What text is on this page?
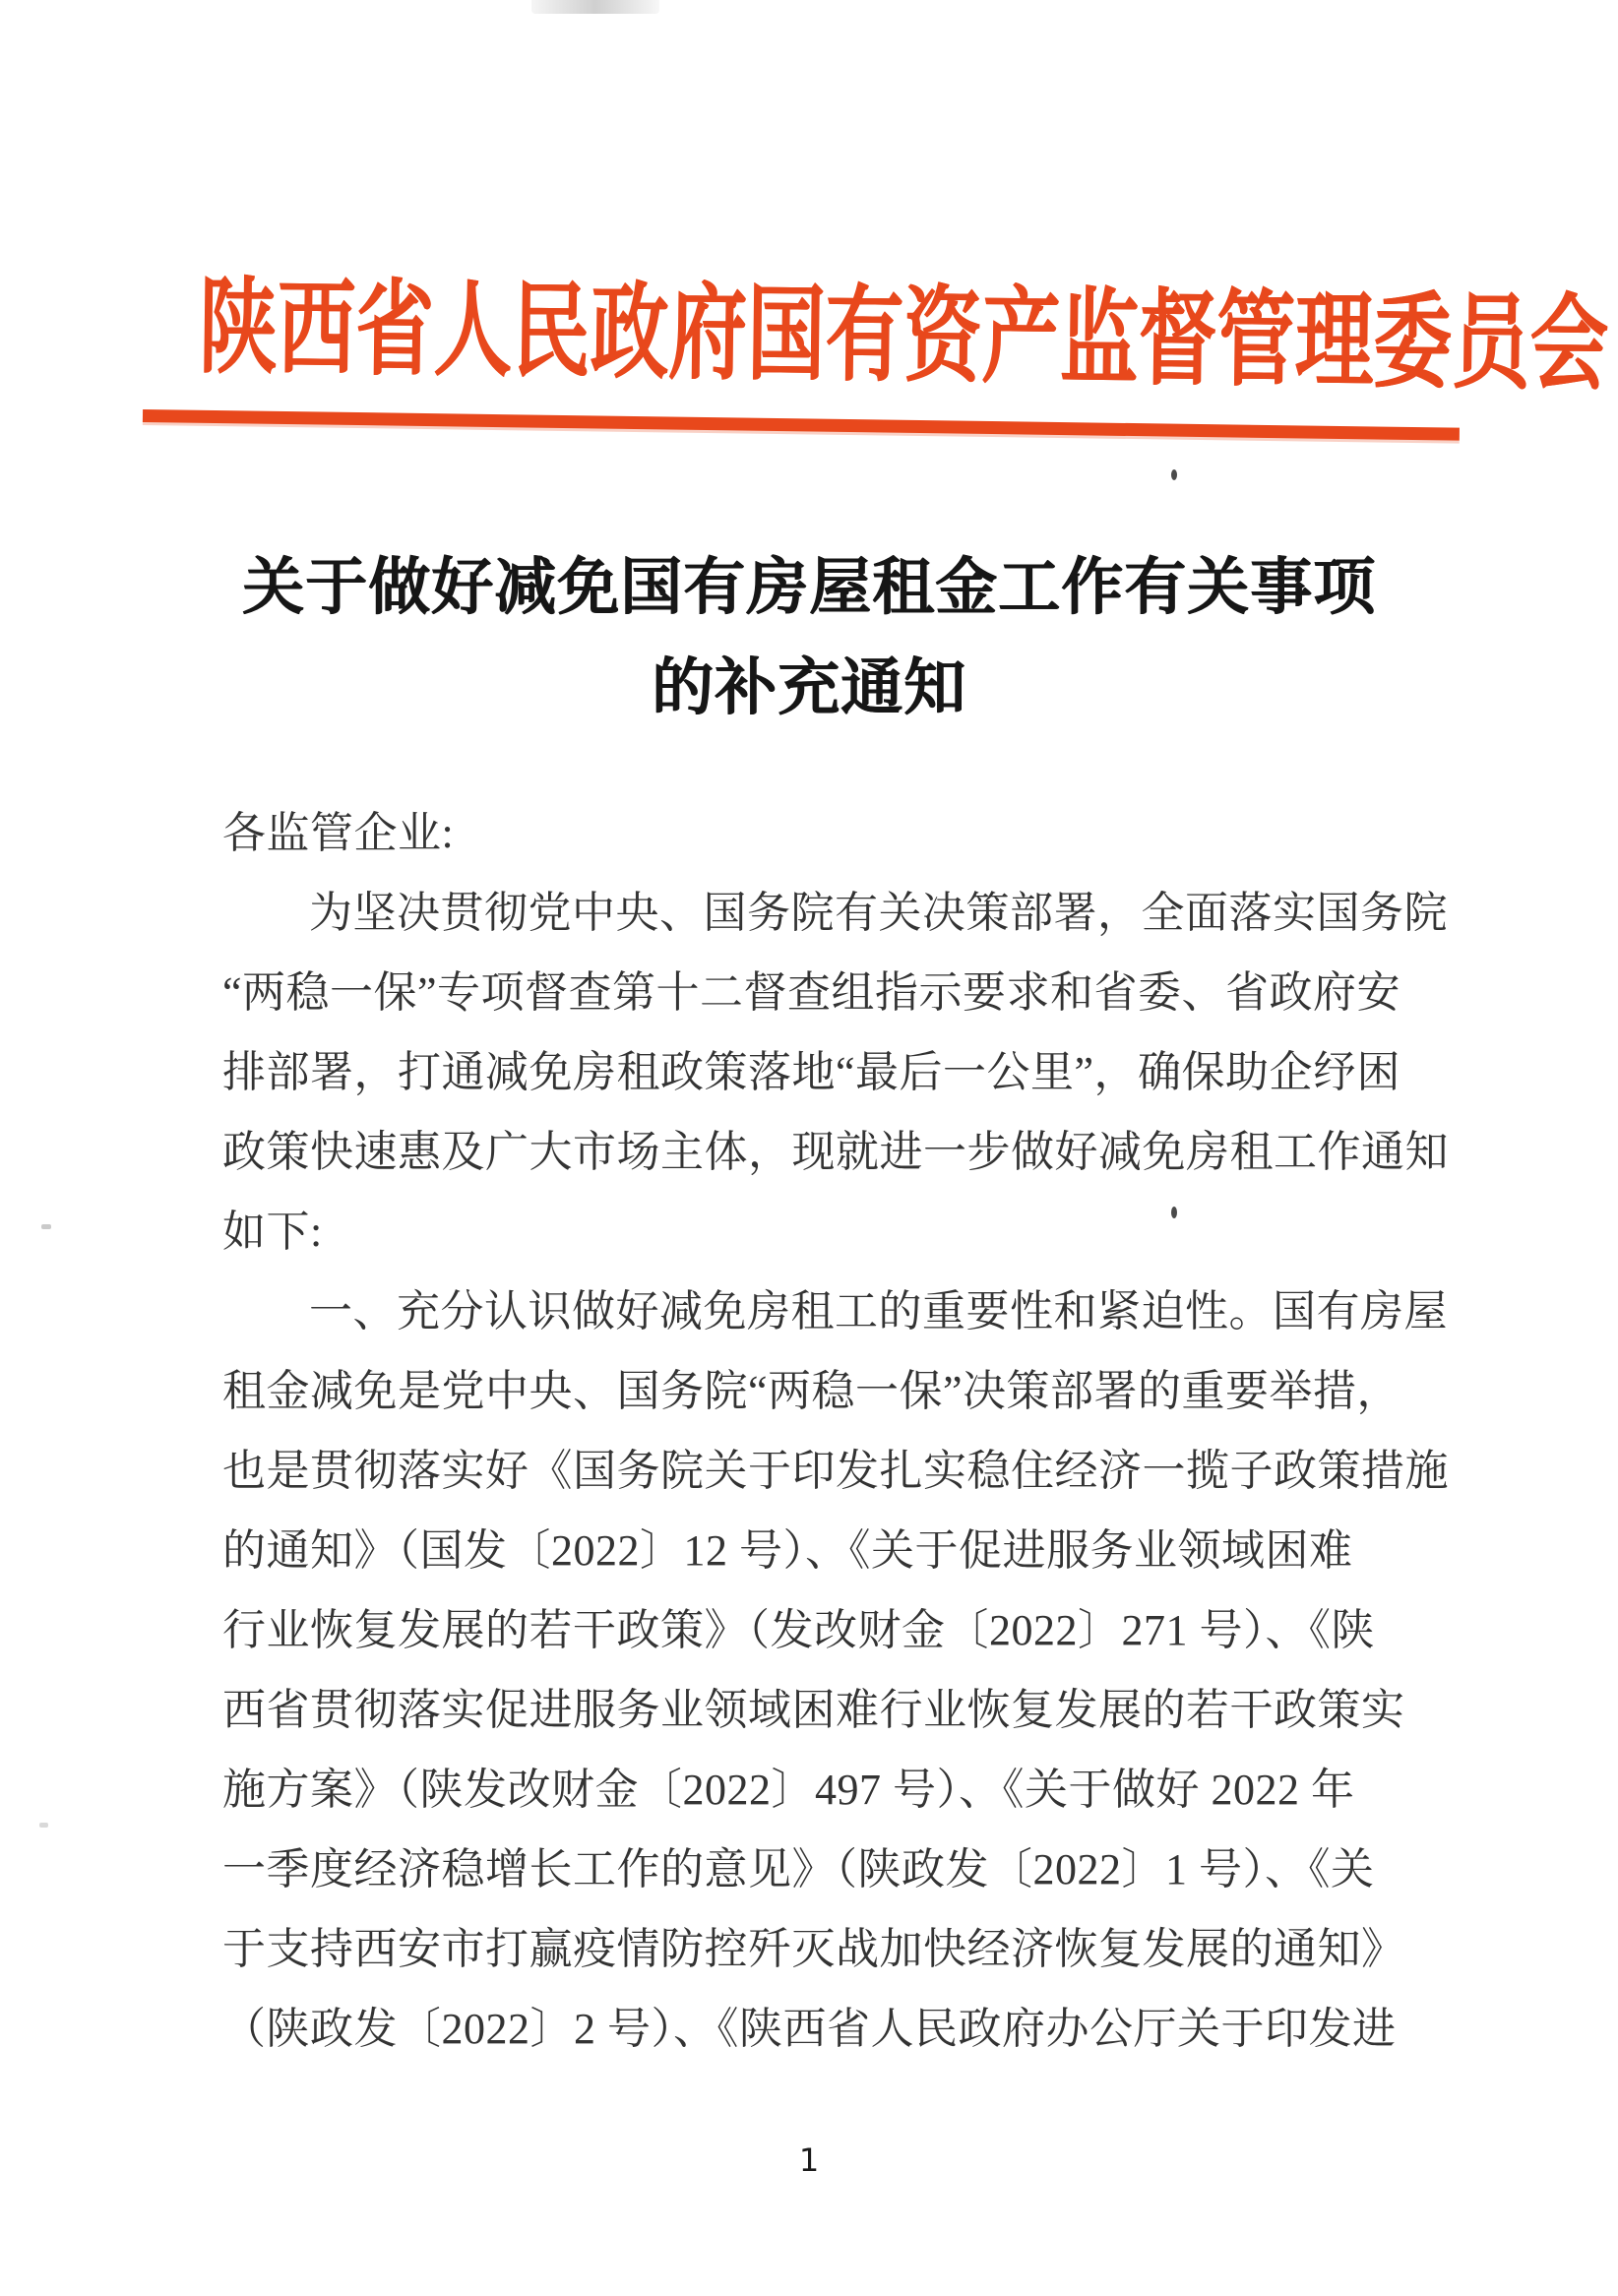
陕西省人民政府国有资产监督管理委员会
关于做好减免国有房屋租金工作有关事项
的补充通知
各监管企业:
为坚决贯彻党中央、国务院有关决策部署，全面落实国务院
“两稳一保”专项督查第十二督查组指示要求和省委、省政府安
排部署，打通减免房租政策落地“最后一公里”，确保助企纾困
政策快速惠及广大市场主体，现就进一步做好减免房租工作通知
如下:
一、充分认识做好减免房租工的重要性和紧迫性。国有房屋
租金减免是党中央、国务院“两稳一保”决策部署的重要举措，
也是贯彻落实好《国务院关于印发扎实稳住经济一揽子政策措施
的通知》（国发〔2022〕12 号）、《关于促进服务业领域困难
行业恢复发展的若干政策》（发改财金〔2022〕271 号）、《陕
西省贯彻落实促进服务业领域困难行业恢复发展的若干政策实
施方案》（陕发改财金〔2022〕497 号）、《关于做好 2022 年
一季度经济稳增长工作的意见》（陕政发〔2022〕1 号）、《关
于支持西安市打赢疫情防控歼灭战加快经济恢复发展的通知》
（陕政发〔2022〕2 号）、《陕西省人民政府办公厅关于印发进
1
